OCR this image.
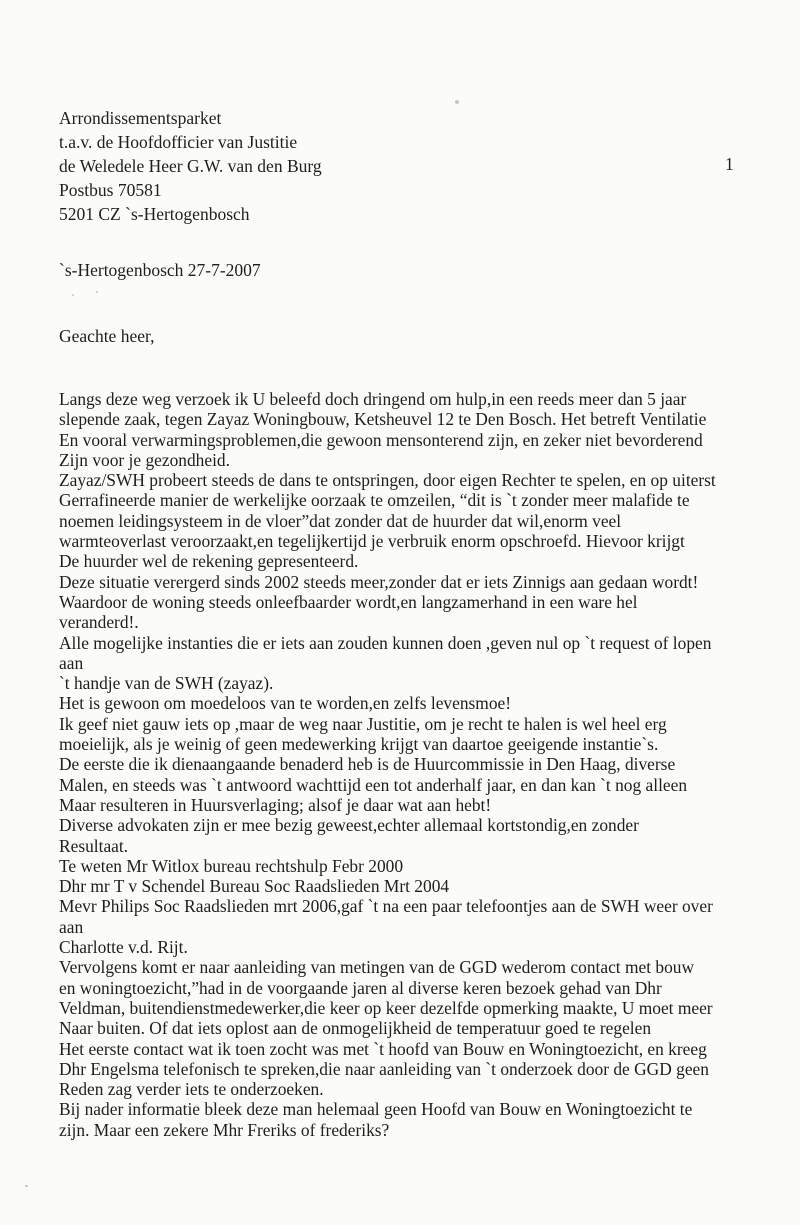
Arrondissementsparket
t.a.v. de Hoofdofficier van Justitie
de Weledele Heer G.W. van den Burg
Postbus 70581
5201 CZ `s-Hertogenbosch
1
`s-Hertogenbosch 27-7-2007
Geachte heer,
Langs deze weg verzoek ik U beleefd doch dringend om hulp,in een reeds meer dan 5 jaar
slepende zaak, tegen Zayaz Woningbouw, Ketsheuvel 12 te Den Bosch. Het betreft Ventilatie
En vooral verwarmingsproblemen,die gewoon mensonterend zijn, en zeker niet bevorderend
Zijn voor je gezondheid.
Zayaz/SWH probeert steeds de dans te ontspringen, door eigen Rechter te spelen, en op uiterst
Gerrafineerde manier de werkelijke oorzaak te omzeilen, “dit is `t zonder meer malafide te
noemen leidingsysteem in de vloer”dat zonder dat de huurder dat wil,enorm veel
warmteoverlast veroorzaakt,en tegelijkertijd je verbruik enorm opschroefd. Hievoor krijgt
De huurder wel de rekening gepresenteerd.
Deze situatie verergerd sinds 2002 steeds meer,zonder dat er iets Zinnigs aan gedaan wordt!
Waardoor de woning steeds onleefbaarder wordt,en langzamerhand in een ware hel
veranderd!.
Alle mogelijke instanties die er iets aan zouden kunnen doen ,geven nul op `t request of lopen
aan
`t handje van de SWH (zayaz).
Het is gewoon om moedeloos van te worden,en zelfs levensmoe!
Ik geef niet gauw iets op ,maar de weg naar Justitie, om je recht te halen is wel heel erg
moeielijk, als je weinig of geen medewerking krijgt van daartoe geeigende instantie`s.
De eerste die ik dienaangaande benaderd heb is de Huurcommissie in Den Haag, diverse
Malen, en steeds was `t antwoord wachttijd een tot anderhalf jaar, en dan kan `t nog alleen
Maar resulteren in Huursverlaging; alsof je daar wat aan hebt!
Diverse advokaten zijn er mee bezig geweest,echter allemaal kortstondig,en zonder
Resultaat.
Te weten Mr Witlox bureau rechtshulp Febr 2000
Dhr mr T v Schendel Bureau Soc Raadslieden Mrt 2004
Mevr Philips Soc Raadslieden mrt 2006,gaf `t na een paar telefoontjes aan de SWH weer over
aan
Charlotte v.d. Rijt.
Vervolgens komt er naar aanleiding van metingen van de GGD wederom contact met bouw
en woningtoezicht,”had in de voorgaande jaren al diverse keren bezoek gehad van Dhr
Veldman, buitendienstmedewerker,die keer op keer dezelfde opmerking maakte, U moet meer
Naar buiten. Of dat iets oplost aan de onmogelijkheid de temperatuur goed te regelen
Het eerste contact wat ik toen zocht was met `t hoofd van Bouw en Woningtoezicht, en kreeg
Dhr Engelsma telefonisch te spreken,die naar aanleiding van `t onderzoek door de GGD geen
Reden zag verder iets te onderzoeken.
Bij nader informatie bleek deze man helemaal geen Hoofd van Bouw en Woningtoezicht te
zijn. Maar een zekere Mhr Freriks of frederiks?
